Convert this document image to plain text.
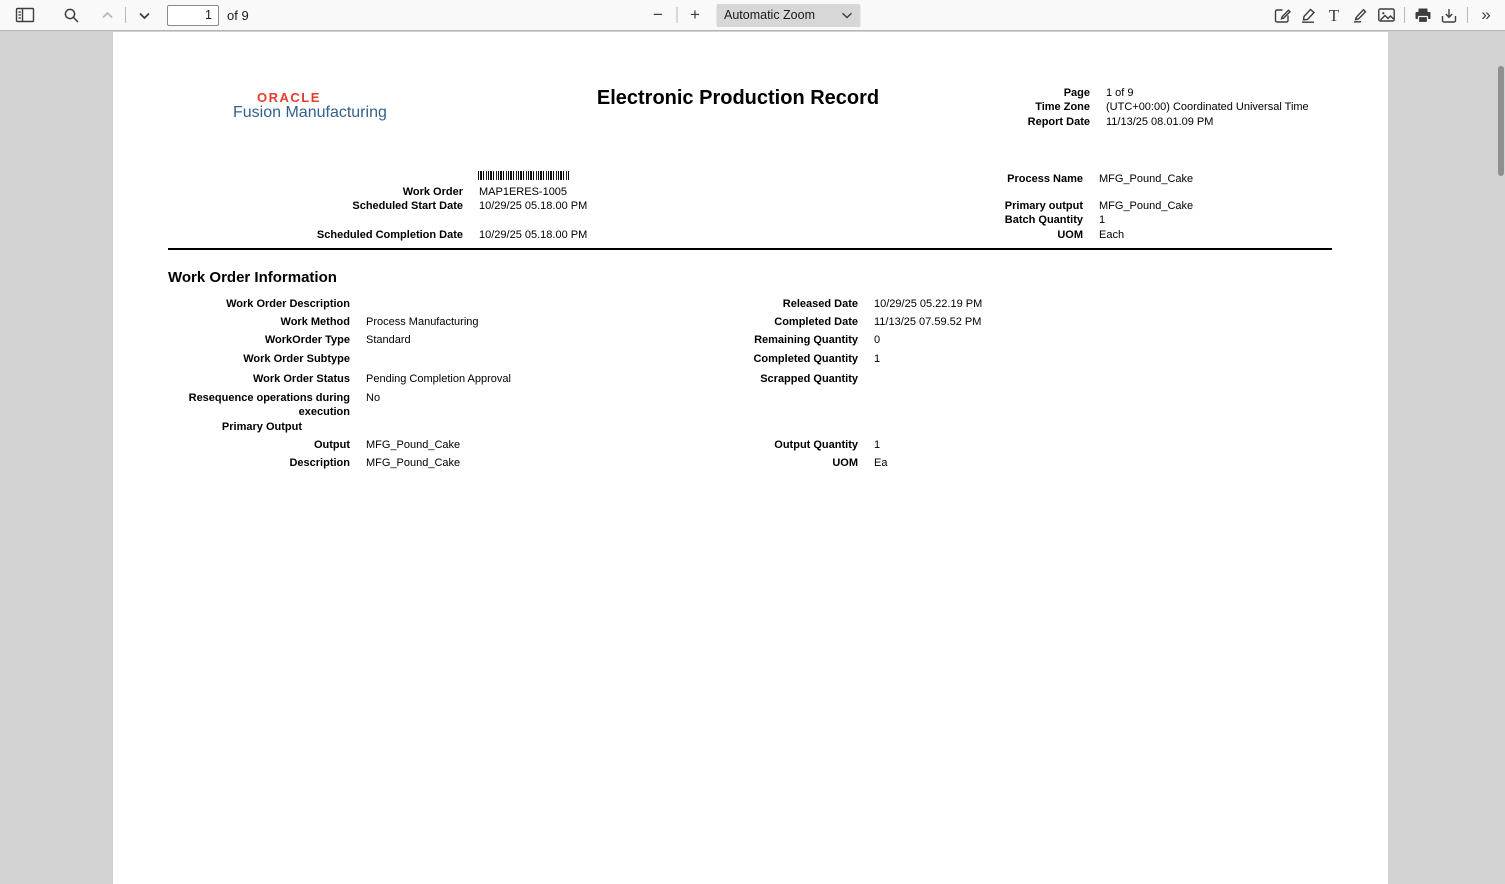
1
of 9	−	+	Automatic Zoom	T	»
ORACLE
Fusion Manufacturing
Electronic Production Record	Page 1 of 9
Time Zone (UTC+00:00) Coordinated Universal Time
Report Date 11/13/25 08.01.09 PM
Work Order MAP1ERES-1005
Scheduled Start Date 10/29/25 05.18.00 PM
Scheduled Completion Date 10/29/25 05.18.00 PM
Process Name MFG_Pound_Cake
Primary output MFG_Pound_Cake
Batch Quantity 1
UOM Each
Work Order Information
Work Order Description
Work Method Process Manufacturing
WorkOrder Type Standard
Work Order Subtype
Work Order Status Pending Completion Approval
Resequence operations during execution
No
Primary Output
Output MFG_Pound_Cake
Description MFG_Pound_Cake
Released Date 10/29/25 05.22.19 PM
Completed Date 11/13/25 07.59.52 PM
Remaining Quantity 0
Completed Quantity 1
Scrapped Quantity
Output Quantity 1
UOM Ea
